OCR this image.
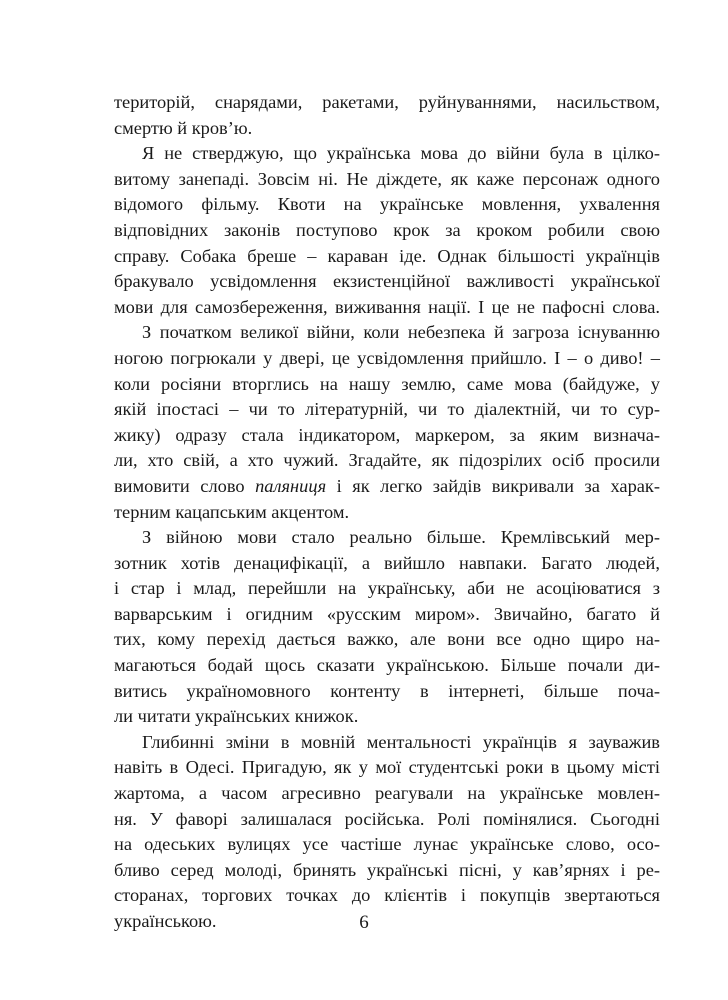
територій, снарядами, ракетами, руйнуваннями, насильством,
смертю й кров’ю.
Я не стверджую, що українська мова до війни була в цілко-
витому занепаді. Зовсім ні. Не діждете, як каже персонаж одного
відомого фільму. Квоти на українське мовлення, ухвалення
відповідних законів поступово крок за кроком робили свою
справу. Собака бреше – караван іде. Однак більшості українців
бракувало усвідомлення екзистенційної важливості української
мови для самозбереження, виживання нації. І це не пафосні слова.
З початком великої війни, коли небезпека й загроза існуванню
ногою погрюкали у двері, це усвідомлення прийшло. І – о диво! –
коли росіяни вторглись на нашу землю, саме мова (байдуже, у
якій іпостасі – чи то літературній, чи то діалектній, чи то сур-
жику) одразу стала індикатором, маркером, за яким визнача-
ли, хто свій, а хто чужий. Згадайте, як підозрілих осіб просили
вимовити слово паляниця і як легко зайдів викривали за харак-
терним кацапським акцентом.
З війною мови стало реально більше. Кремлівський мер-
зотник хотів денацифікації, а вийшло навпаки. Багато людей,
і стар і млад, перейшли на українську, аби не асоціюватися з
варварським і огидним «русским миром». Звичайно, багато й
тих, кому перехід дається важко, але вони все одно щиро на-
магаються бодай щось сказати українською. Більше почали ди-
витись україномовного контенту в інтернеті, більше поча-
ли читати українських книжок.
Глибинні зміни в мовній ментальності українців я зауважив
навіть в Одесі. Пригадую, як у мої студентські роки в цьому місті
жартома, а часом агресивно реагували на українське мовлен-
ня. У фаворі залишалася російська. Ролі помінялися. Сьогодні
на одеських вулицях усе частіше лунає українське слово, осо-
бливо серед молоді, бринять українські пісні, у кав’ярнях і ре-
сторанах, торгових точках до клієнтів і покупців звертаються
українською.	6
